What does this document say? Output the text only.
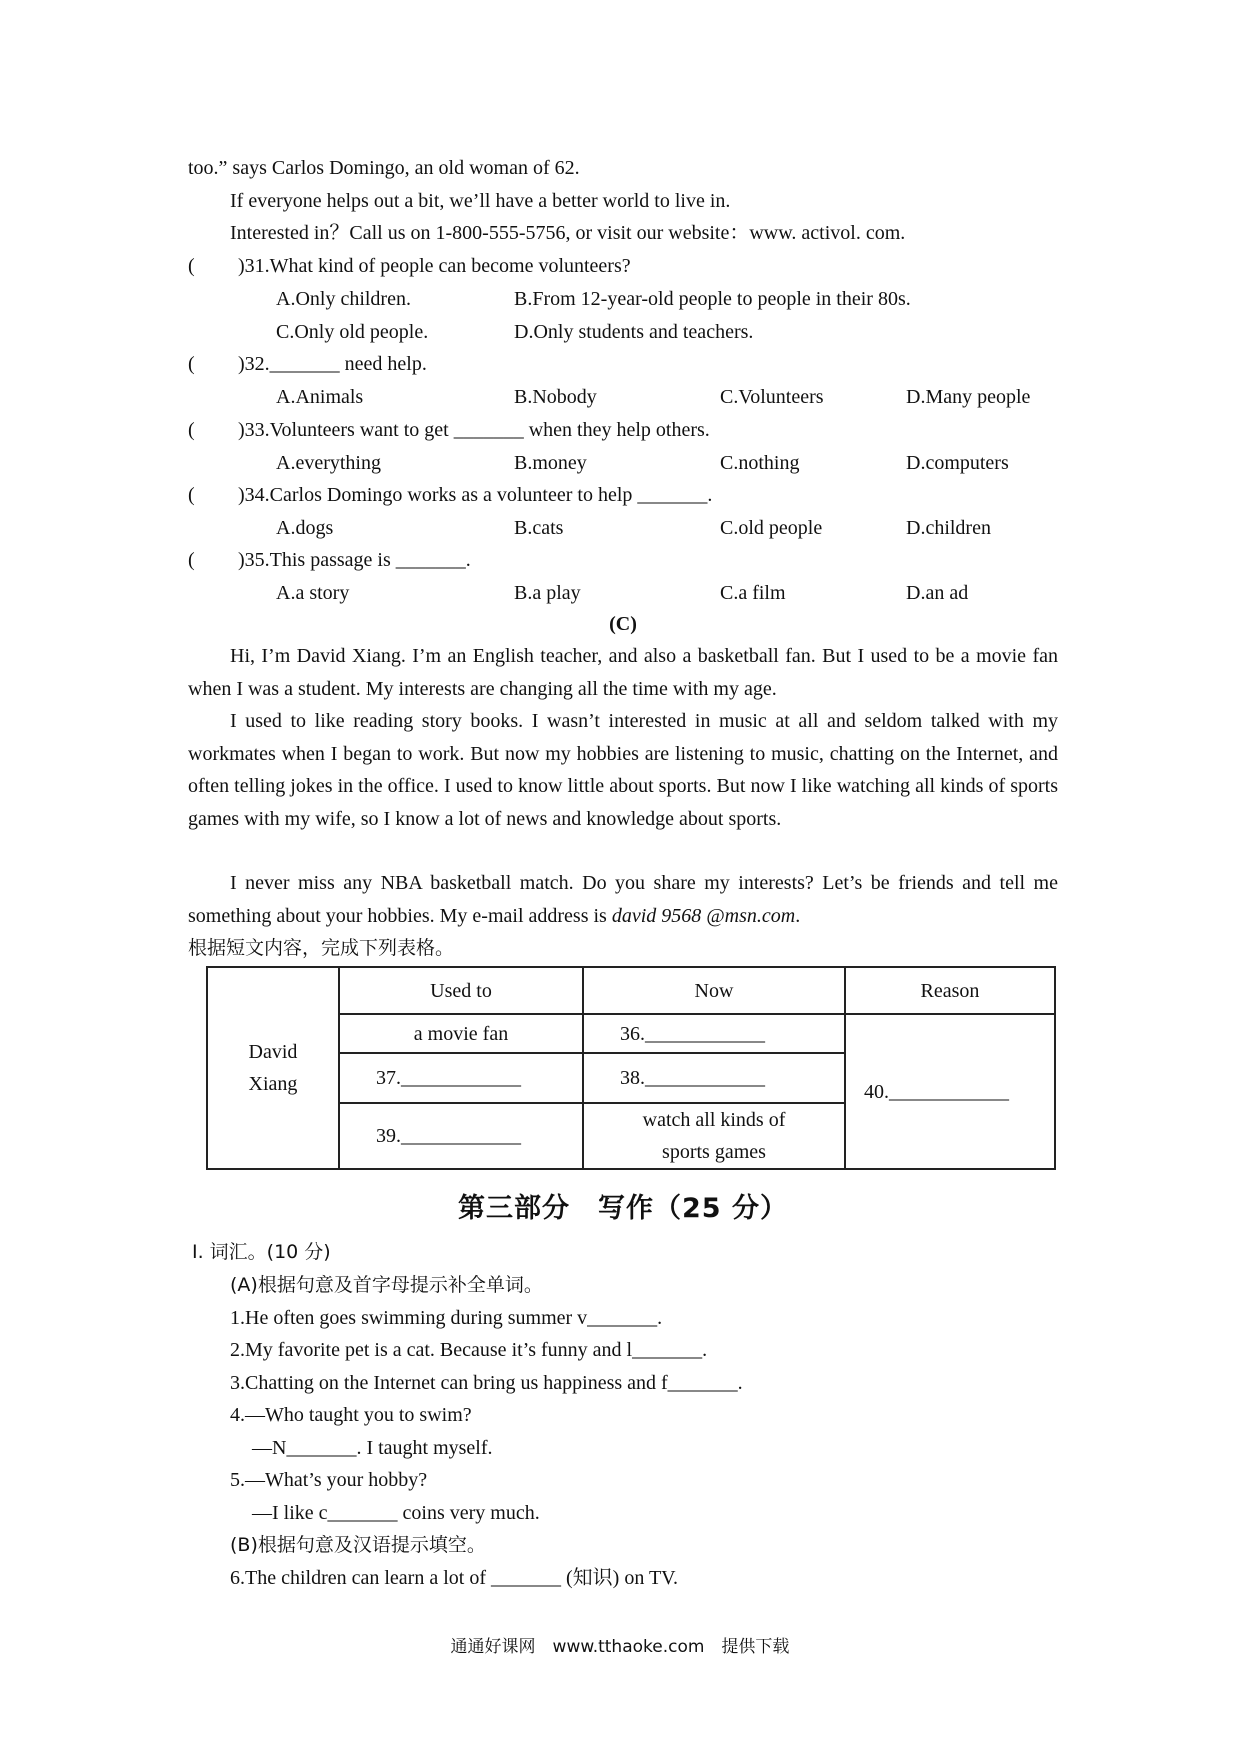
too.” says Carlos Domingo, an old woman of 62.
If everyone helps out a bit, we’ll have a better world to live in.
Interested in？Call us on 1-800-555-5756, or visit our website：www. activol. com.
( )31.What kind of people can become volunteers?
A.Only children.	B.From 12-year-old people to people in their 80s.
C.Only old people.	D.Only students and teachers.
( )32._______ need help.
A.Animals	B.Nobody	C.Volunteers	D.Many people
( )33.Volunteers want to get _______ when they help others.
A.everything	B.money	C.nothing	D.computers
( )34.Carlos Domingo works as a volunteer to help _______.
A.dogs	B.cats	C.old people	D.children
( )35.This passage is _______.
A.a story	B.a play	C.a film	D.an ad
(C)
Hi, I’m David Xiang. I’m an English teacher, and also a basketball fan. But I used to be a movie fan when I was a student. My interests are changing all the time with my age.
I used to like reading story books. I wasn’t interested in music at all and seldom talked with my workmates when I began to work. But now my hobbies are listening to music, chatting on the Internet, and often telling jokes in the office. I used to know little about sports. But now I like watching all kinds of sports games with my wife, so I know a lot of news and knowledge about sports.
I never miss any NBA basketball match. Do you share my interests? Let’s be friends and tell me something about your hobbies. My e-mail address is david 9568 @msn.com.
根据短文内容，完成下列表格。
David
Xiang	Used to	Now	Reason
	a movie fan	36.____________	40.____________
	37.____________	38.____________	
	39.____________	watch all kinds of
sports games	
第三部分　写作（25 分）
Ⅰ. 词汇。(10 分)
(A)根据句意及首字母提示补全单词。
1.He often goes swimming during summer v_______.
2.My favorite pet is a cat. Because it’s funny and l_______.
3.Chatting on the Internet can bring us happiness and f_______.
4.—Who taught you to swim?
—N_______. I taught myself.
5.—What’s your hobby?
—I like c_______ coins very much.
(B)根据句意及汉语提示填空。
6.The children can learn a lot of _______ (知识) on TV.
通通好课网　www.tthaoke.com　提供下载
